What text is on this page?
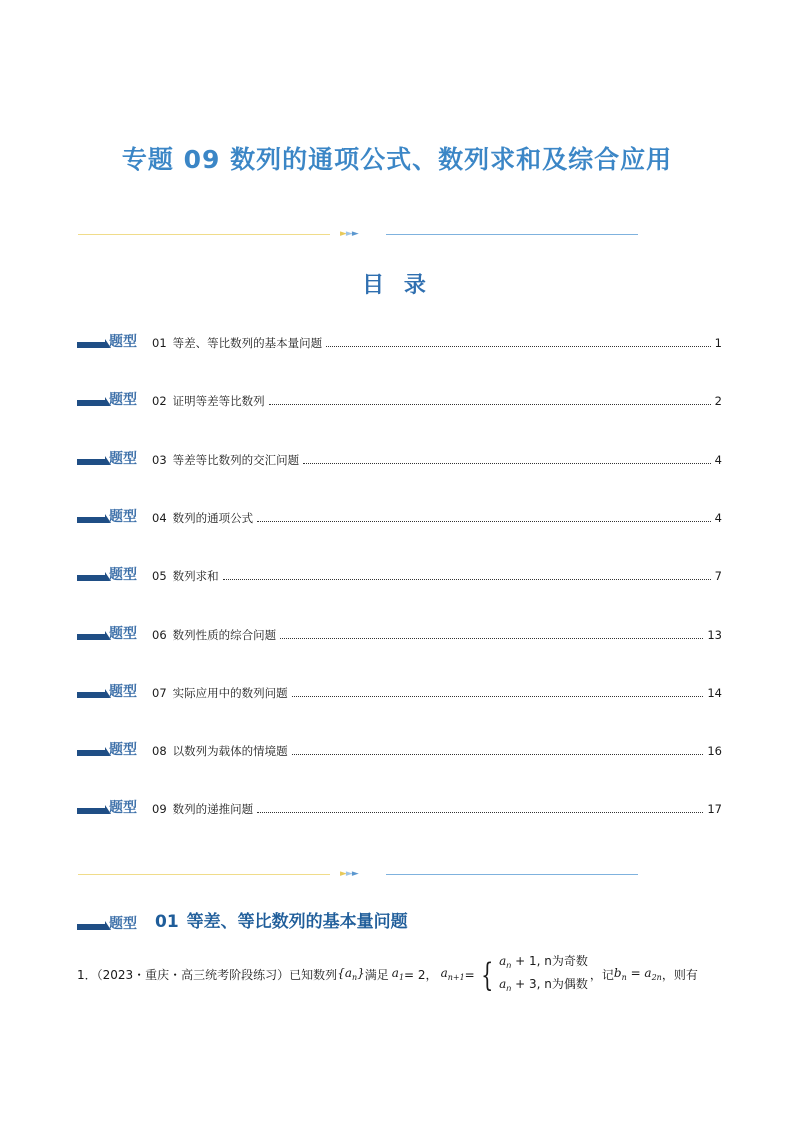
专题 09 数列的通项公式、数列求和及综合应用
►►►
目 录
题型 01 等差、等比数列的基本量问题	1
题型 02 证明等差等比数列	2
题型 03 等差等比数列的交汇问题	4
题型 04 数列的通项公式	4
题型 05 数列求和	7
题型 06 数列性质的综合问题	13
题型 07 实际应用中的数列问题	14
题型 08 以数列为载体的情境题	16
题型 09 数列的递推问题	17
►►►
题型 01 等差、等比数列的基本量问题
1．（2023・重庆・高三统考阶段练习）已知数列 $\{a_n\}$ 满足 $a_1 = 2$， $a_{n+1}$ = { $a_n + 1$, n为奇数
$a_n + 3$, n为偶数
，记 $b_n = a_{2n}$ ，则有
